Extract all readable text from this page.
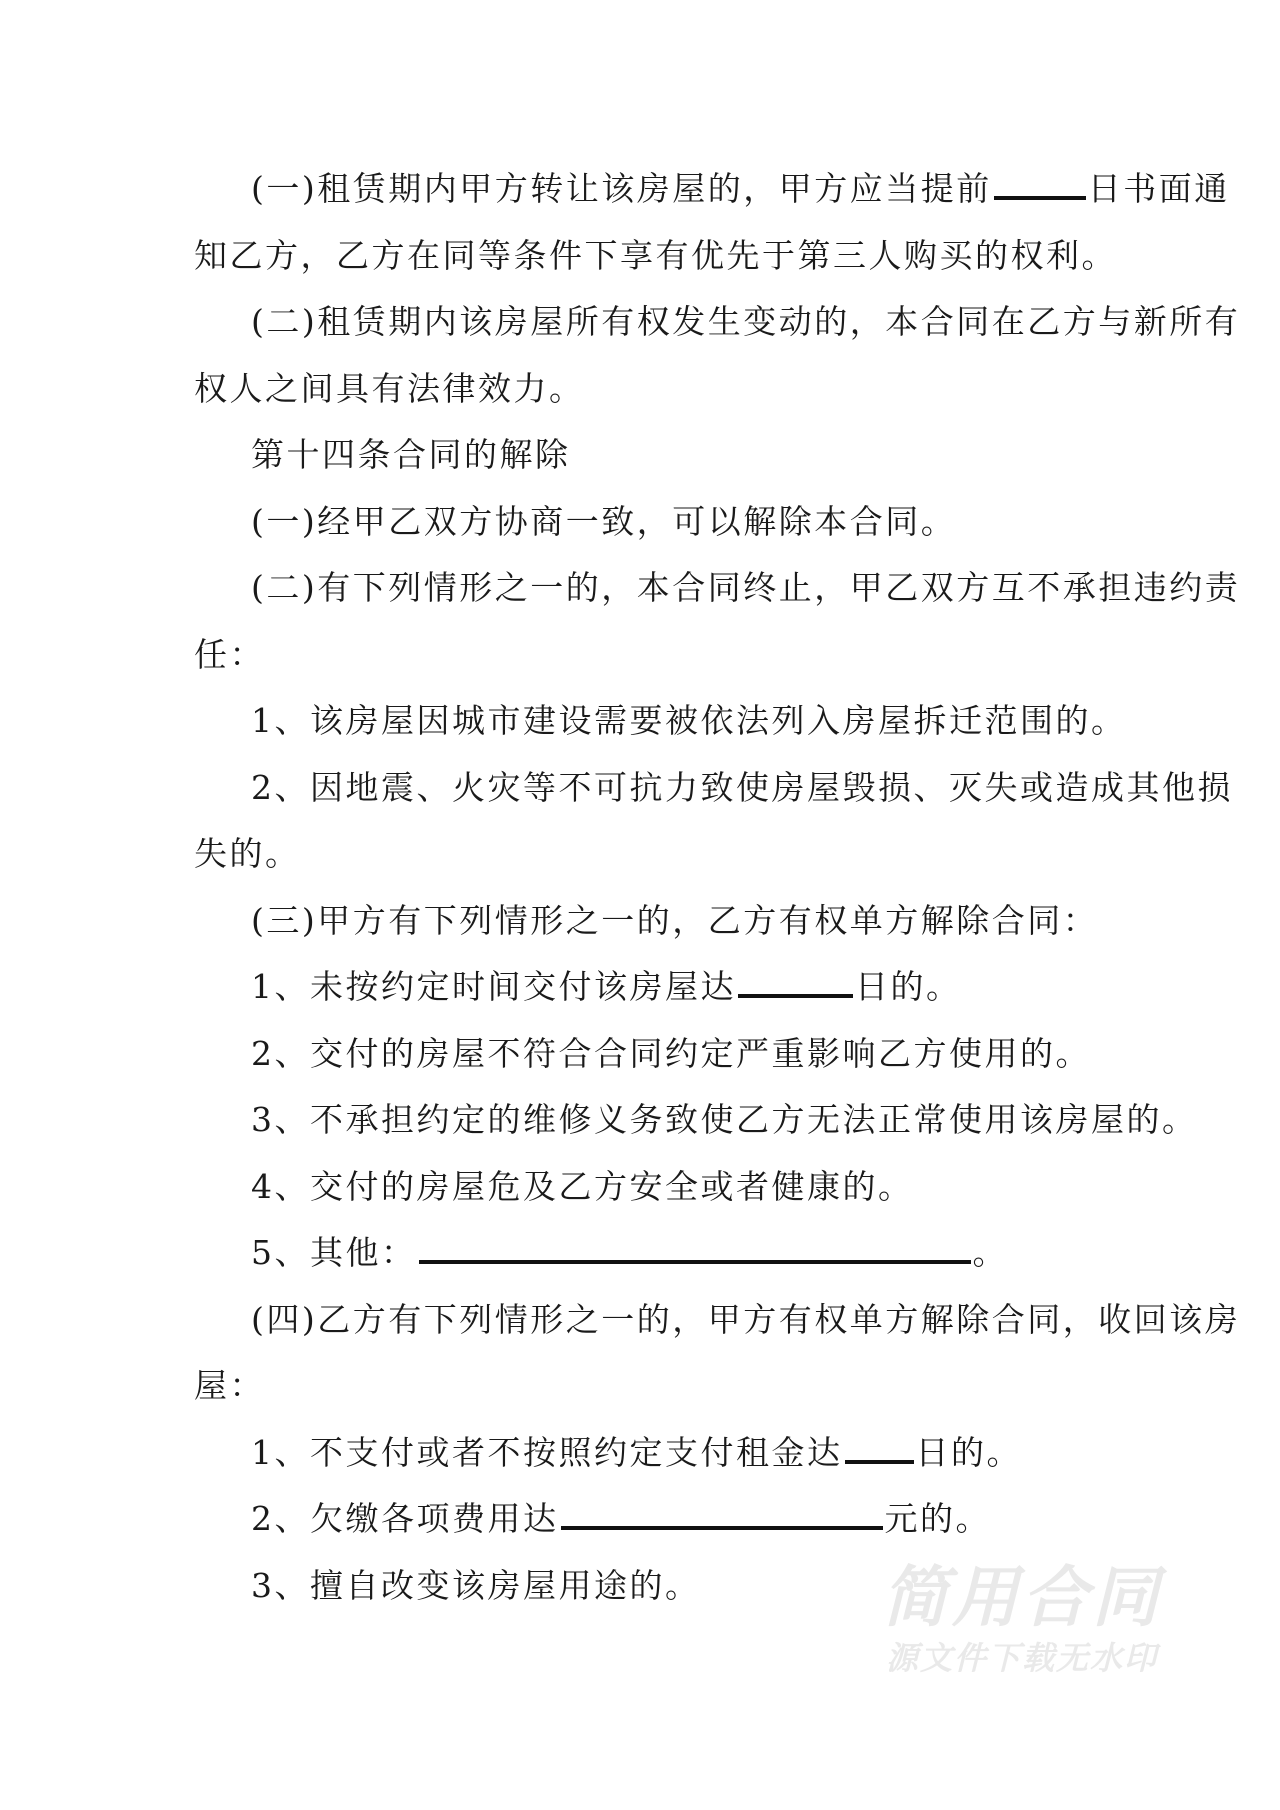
(一)租赁期内甲方转让该房屋的，甲方应当提前	日书面通
知乙方，乙方在同等条件下享有优先于第三人购买的权利。
(二)租赁期内该房屋所有权发生变动的，本合同在乙方与新所有
权人之间具有法律效力。
第十四条合同的解除
(一)经甲乙双方协商一致，可以解除本合同。
(二)有下列情形之一的，本合同终止，甲乙双方互不承担违约责
任：
1、该房屋因城市建设需要被依法列入房屋拆迁范围的。
2、因地震、火灾等不可抗力致使房屋毁损、灭失或造成其他损
失的。
(三)甲方有下列情形之一的，乙方有权单方解除合同：
1、未按约定时间交付该房屋达	日的。
2、交付的房屋不符合合同约定严重影响乙方使用的。
3、不承担约定的维修义务致使乙方无法正常使用该房屋的。
4、交付的房屋危及乙方安全或者健康的。
5、其他：	。
(四)乙方有下列情形之一的，甲方有权单方解除合同，收回该房
屋：
1、不支付或者不按照约定支付租金达 日的。
2、欠缴各项费用达	元的。
3、擅自改变该房屋用途的。	简用合同
源文件下载无水印
